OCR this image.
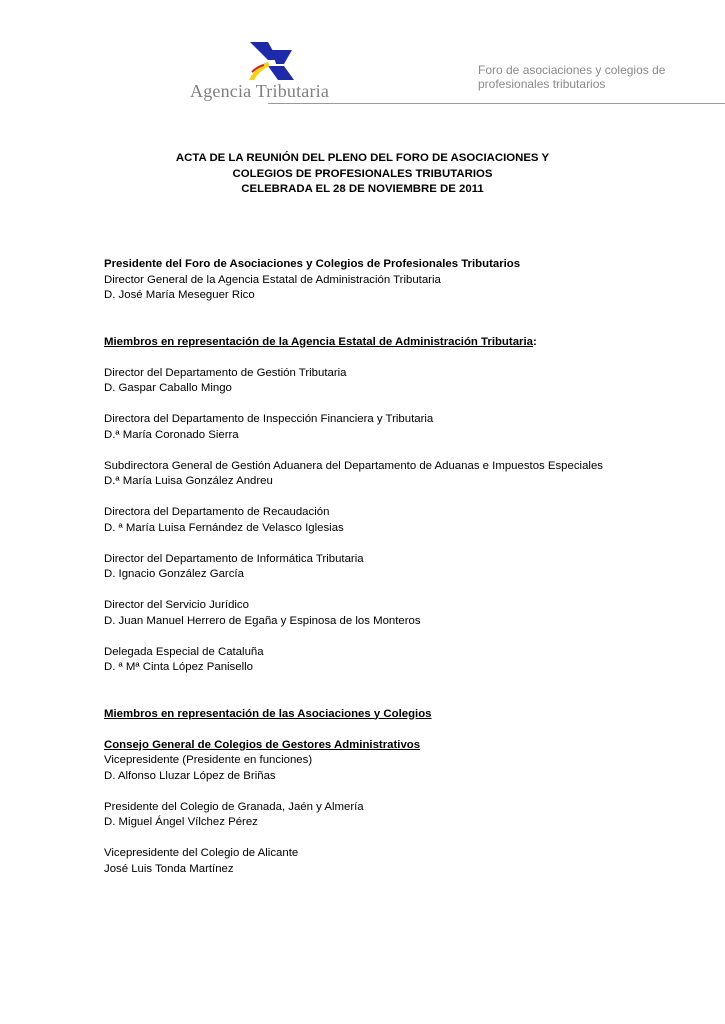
Agencia Tributaria
Foro de asociaciones y colegios de
profesionales tributarios
ACTA DE LA REUNIÓN DEL PLENO DEL FORO DE ASOCIACIONES Y
COLEGIOS DE PROFESIONALES TRIBUTARIOS
CELEBRADA EL 28 DE NOVIEMBRE DE 2011
Presidente del Foro de Asociaciones y Colegios de Profesionales Tributarios
Director General de la Agencia Estatal de Administración Tributaria
D. José María Meseguer Rico
Miembros en representación de la Agencia Estatal de Administración Tributaria:
Director del Departamento de Gestión Tributaria
D. Gaspar Caballo Mingo
Directora del Departamento de Inspección Financiera y Tributaria
D.ª María Coronado Sierra
Subdirectora General de Gestión Aduanera del Departamento de Aduanas e Impuestos Especiales
D.ª María Luisa González Andreu
Directora del Departamento de Recaudación
D. ª María Luisa Fernández de Velasco Iglesias
Director del Departamento de Informática Tributaria
D. Ignacio González García
Director del Servicio Jurídico
D. Juan Manuel Herrero de Egaña y Espinosa de los Monteros
Delegada Especial de Cataluña
D. ª Mª Cinta López Panisello
Miembros en representación de las Asociaciones y Colegios
Consejo General de Colegios de Gestores Administrativos
Vicepresidente (Presidente en funciones)
D. Alfonso Lluzar López de Briñas
Presidente del Colegio de Granada, Jaén y Almería
D. Miguel Ángel Vílchez Pérez
Vicepresidente del Colegio de Alicante
José Luis Tonda Martínez
